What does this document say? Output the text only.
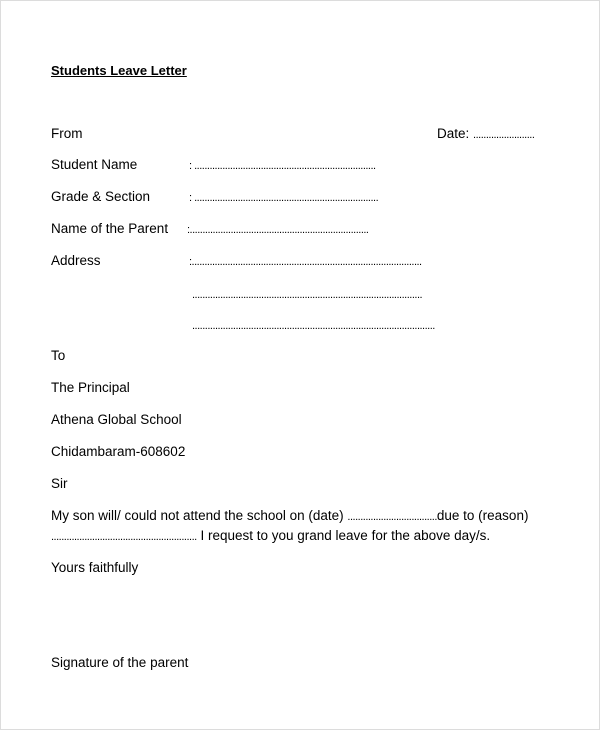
Students Leave Letter
From	Date: ........................
Student Name	: .......................................................................
Grade & Section	: ........................................................................
Name of the Parent :......................................................................
Address	:..........................................................................................
..........................................................................................
...............................................................................................
To
The Principal
Athena Global School
Chidambaram-608602
Sir
My son will/ could not attend the school on (date) ...................................due to (reason)
......................................................... I request to you grand leave for the above day/s.
Yours faithfully
Signature of the parent
